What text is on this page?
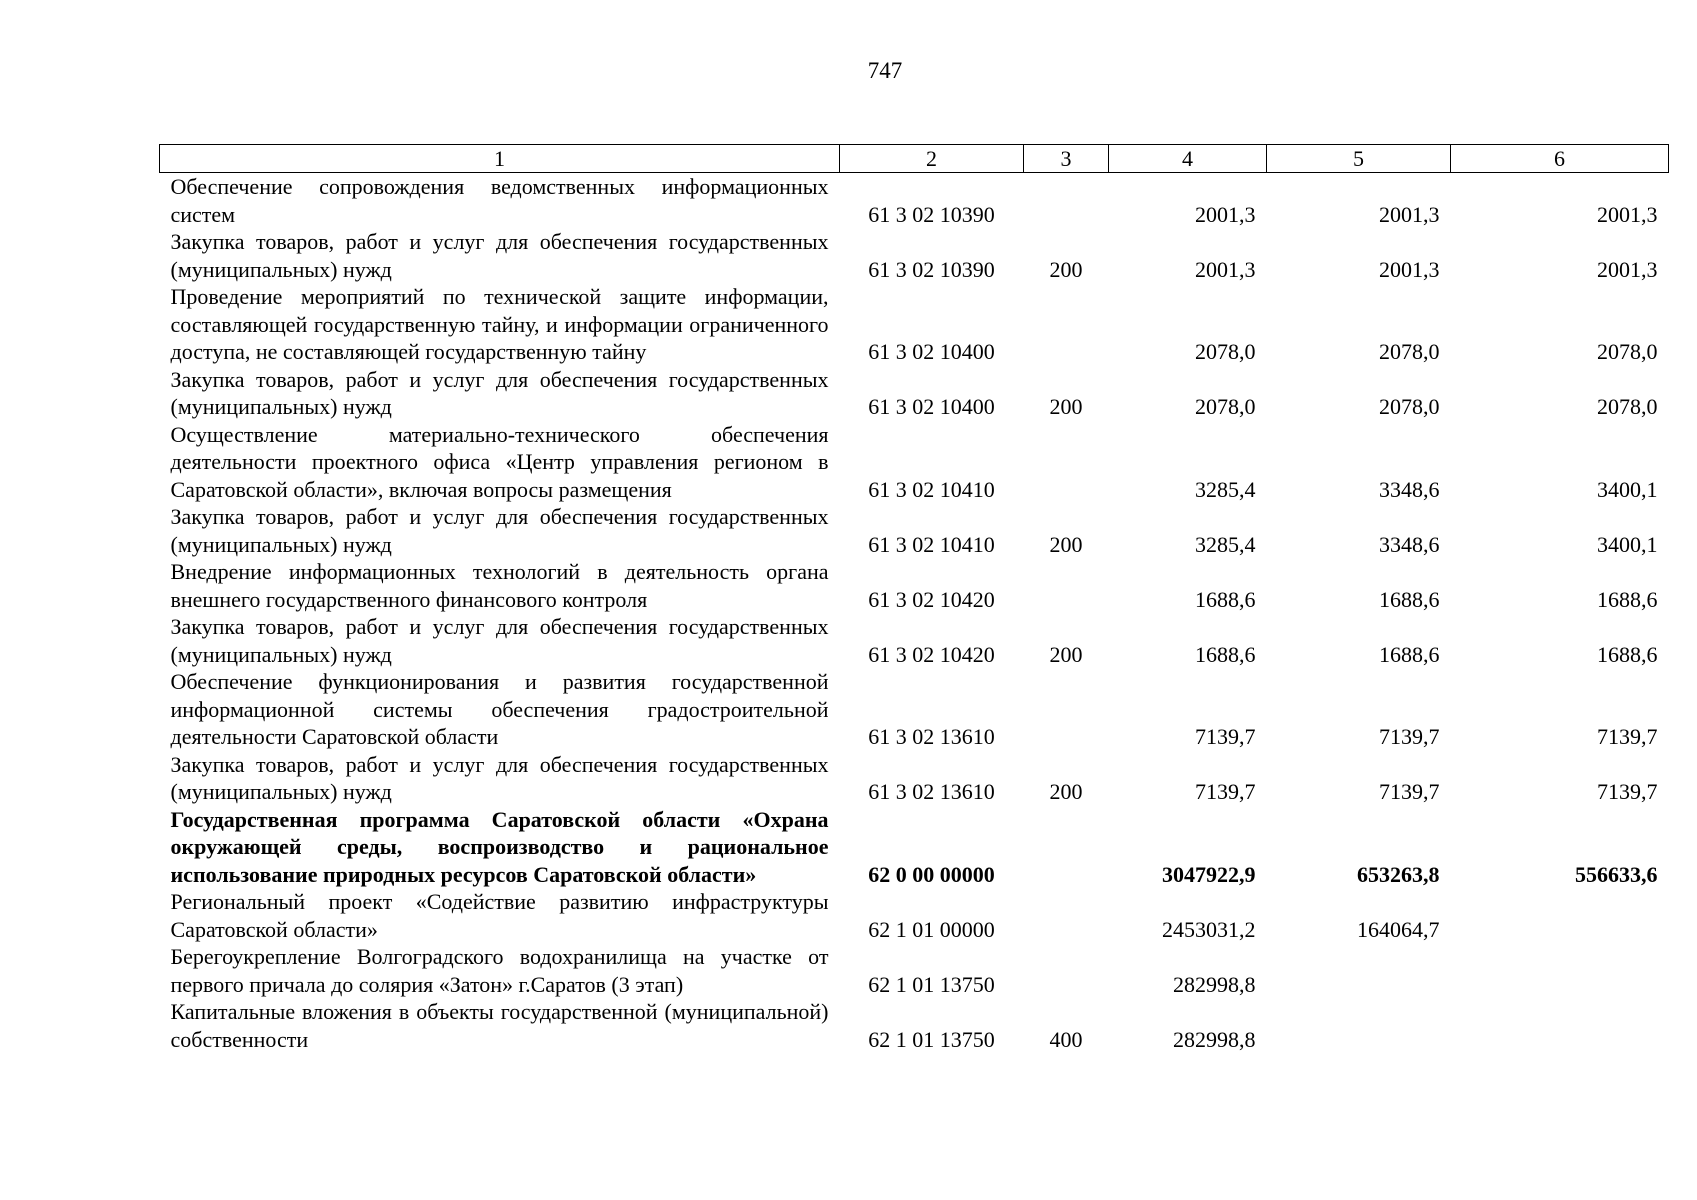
747
1	2	3	4	5	6
Обеспечение сопровождения ведомственных информационных систем	61 3 02 10390		2001,3	2001,3	2001,3
Закупка товаров, работ и услуг для обеспечения государственных (муниципальных) нужд	61 3 02 10390	200	2001,3	2001,3	2001,3
Проведение мероприятий по технической защите информации, составляющей государственную тайну, и информации ограниченного доступа, не составляющей государственную тайну	61 3 02 10400		2078,0	2078,0	2078,0
Закупка товаров, работ и услуг для обеспечения государственных (муниципальных) нужд	61 3 02 10400	200	2078,0	2078,0	2078,0
Осуществление материально-технического обеспечения деятельности проектного офиса «Центр управления регионом в Саратовской области», включая вопросы размещения	61 3 02 10410		3285,4	3348,6	3400,1
Закупка товаров, работ и услуг для обеспечения государственных (муниципальных) нужд	61 3 02 10410	200	3285,4	3348,6	3400,1
Внедрение информационных технологий в деятельность органа внешнего государственного финансового контроля	61 3 02 10420		1688,6	1688,6	1688,6
Закупка товаров, работ и услуг для обеспечения государственных (муниципальных) нужд	61 3 02 10420	200	1688,6	1688,6	1688,6
Обеспечение функционирования и развития государственной информационной системы обеспечения градостроительной деятельности Саратовской области	61 3 02 13610		7139,7	7139,7	7139,7
Закупка товаров, работ и услуг для обеспечения государственных (муниципальных) нужд	61 3 02 13610	200	7139,7	7139,7	7139,7
Государственная программа Саратовской области «Охрана окружающей среды, воспроизводство и рациональное использование природных ресурсов Саратовской области»	62 0 00 00000		3047922,9	653263,8	556633,6
Региональный проект «Содействие развитию инфраструктуры Саратовской области»	62 1 01 00000		2453031,2	164064,7	
Берегоукрепление Волгоградского водохранилища на участке от первого причала до солярия «Затон» г.Саратов (3 этап)	62 1 01 13750		282998,8		
Капитальные вложения в объекты государственной (муниципальной) собственности	62 1 01 13750	400	282998,8		
